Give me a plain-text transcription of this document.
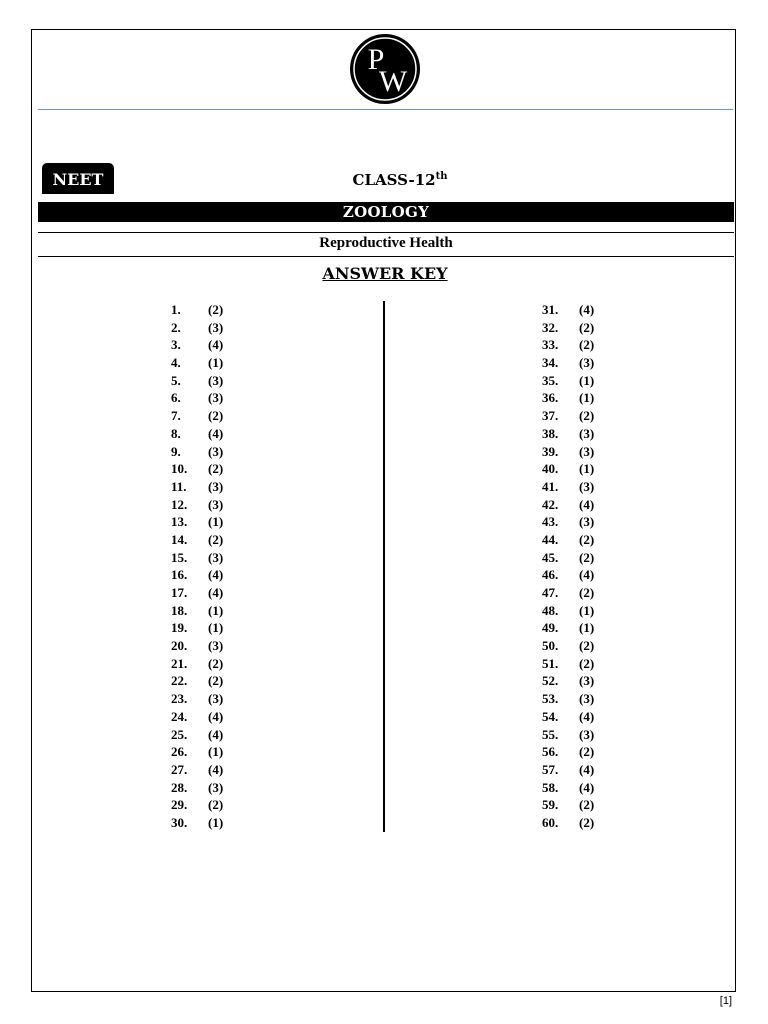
P
W
NEET	CLASS-12th
ZOOLOGY
Reproductive Health
ANSWER KEY
1. (2)
2. (3)
3. (4)
4. (1)
5. (3)
6. (3)
7. (2)
8. (4)
9. (3)
10. (2)
11. (3)
12. (3)
13. (1)
14. (2)
15. (3)
16. (4)
17. (4)
18. (1)
19. (1)
20. (3)
21. (2)
22. (2)
23. (3)
24. (4)
25. (4)
26. (1)
27. (4)
28. (3)
29. (2)
30. (1)
31. (4)
32. (2)
33. (2)
34. (3)
35. (1)
36. (1)
37. (2)
38. (3)
39. (3)
40. (1)
41. (3)
42. (4)
43. (3)
44. (2)
45. (2)
46. (4)
47. (2)
48. (1)
49. (1)
50. (2)
51. (2)
52. (3)
53. (3)
54. (4)
55. (3)
56. (2)
57. (4)
58. (4)
59. (2)
60. (2)
[1]
